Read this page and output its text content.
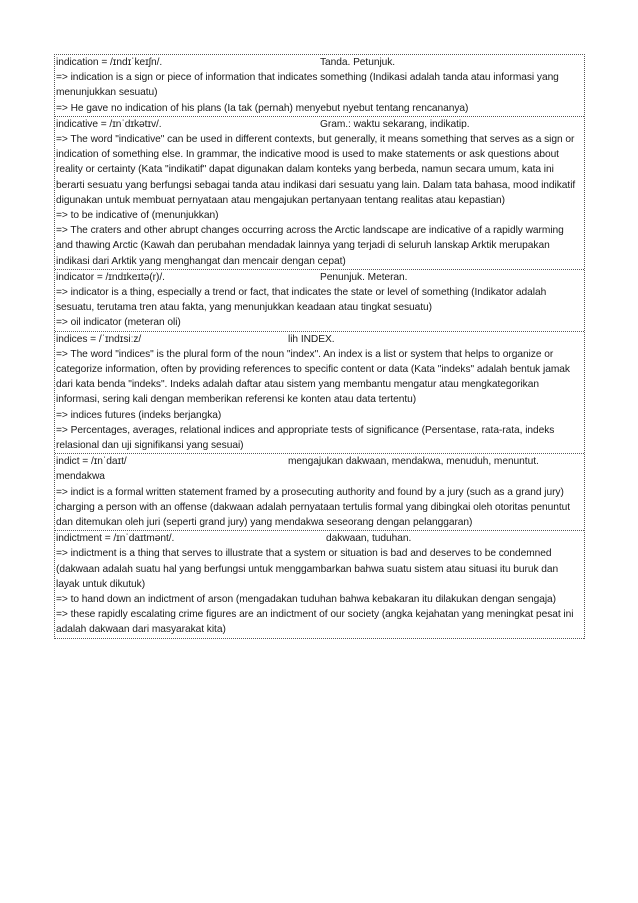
indication = /ɪndɪˈkeɪʃn/.	Tanda. Petunjuk.
=> indication is a sign or piece of information that indicates something (Indikasi adalah tanda atau informasi yang menunjukkan sesuatu)
=> He gave no indication of his plans (Ia tak (pernah) menyebut nyebut tentang rencananya)
indicative = /ɪnˈdɪkətɪv/.	Gram.: waktu sekarang, indikatip.
=> The word "indicative" can be used in different contexts, but generally, it means something that serves as a sign or indication of something else. In grammar, the indicative mood is used to make statements or ask questions about reality or certainty (Kata "indikatif" dapat digunakan dalam konteks yang berbeda, namun secara umum, kata ini berarti sesuatu yang berfungsi sebagai tanda atau indikasi dari sesuatu yang lain. Dalam tata bahasa, mood indikatif digunakan untuk membuat pernyataan atau mengajukan pertanyaan tentang realitas atau kepastian)
=> to be indicative of (menunjukkan)
=> The craters and other abrupt changes occurring across the Arctic landscape are indicative of a rapidly warming and thawing Arctic (Kawah dan perubahan mendadak lainnya yang terjadi di seluruh lanskap Arktik merupakan indikasi dari Arktik yang menghangat dan mencair dengan cepat)
indicator = /ɪndɪkeɪtə(r)/.	Penunjuk. Meteran.
=> indicator is a thing, especially a trend or fact, that indicates the state or level of something (Indikator adalah sesuatu, terutama tren atau fakta, yang menunjukkan keadaan atau tingkat sesuatu)
=> oil indicator (meteran oli)
indices = /ˈɪndɪsiːz/	lih INDEX.
=> The word "indices" is the plural form of the noun "index". An index is a list or system that helps to organize or categorize information, often by providing references to specific content or data (Kata "indeks" adalah bentuk jamak dari kata benda "indeks". Indeks adalah daftar atau sistem yang membantu mengatur atau mengkategorikan informasi, sering kali dengan memberikan referensi ke konten atau data tertentu)
=> indices futures (indeks berjangka)
=> Percentages, averages, relational indices and appropriate tests of significance (Persentase, rata-rata, indeks relasional dan uji signifikansi yang sesuai)
indict = /ɪnˈdaɪt/	mengajukan dakwaan, mendakwa, menuduh, menuntut.
mendakwa
=> indict is a formal written statement framed by a prosecuting authority and found by a jury (such as a grand jury) charging a person with an offense (dakwaan adalah pernyataan tertulis formal yang dibingkai oleh otoritas penuntut dan ditemukan oleh juri (seperti grand jury) yang mendakwa seseorang dengan pelanggaran)
indictment = /ɪnˈdaɪtmənt/.	dakwaan, tuduhan.
=> indictment is a thing that serves to illustrate that a system or situation is bad and deserves to be condemned (dakwaan adalah suatu hal yang berfungsi untuk menggambarkan bahwa suatu sistem atau situasi itu buruk dan layak untuk dikutuk)
=> to hand down an indictment of arson (mengadakan tuduhan bahwa kebakaran itu dilakukan dengan sengaja)
=> these rapidly escalating crime figures are an indictment of our society (angka kejahatan yang meningkat pesat ini adalah dakwaan dari masyarakat kita)
